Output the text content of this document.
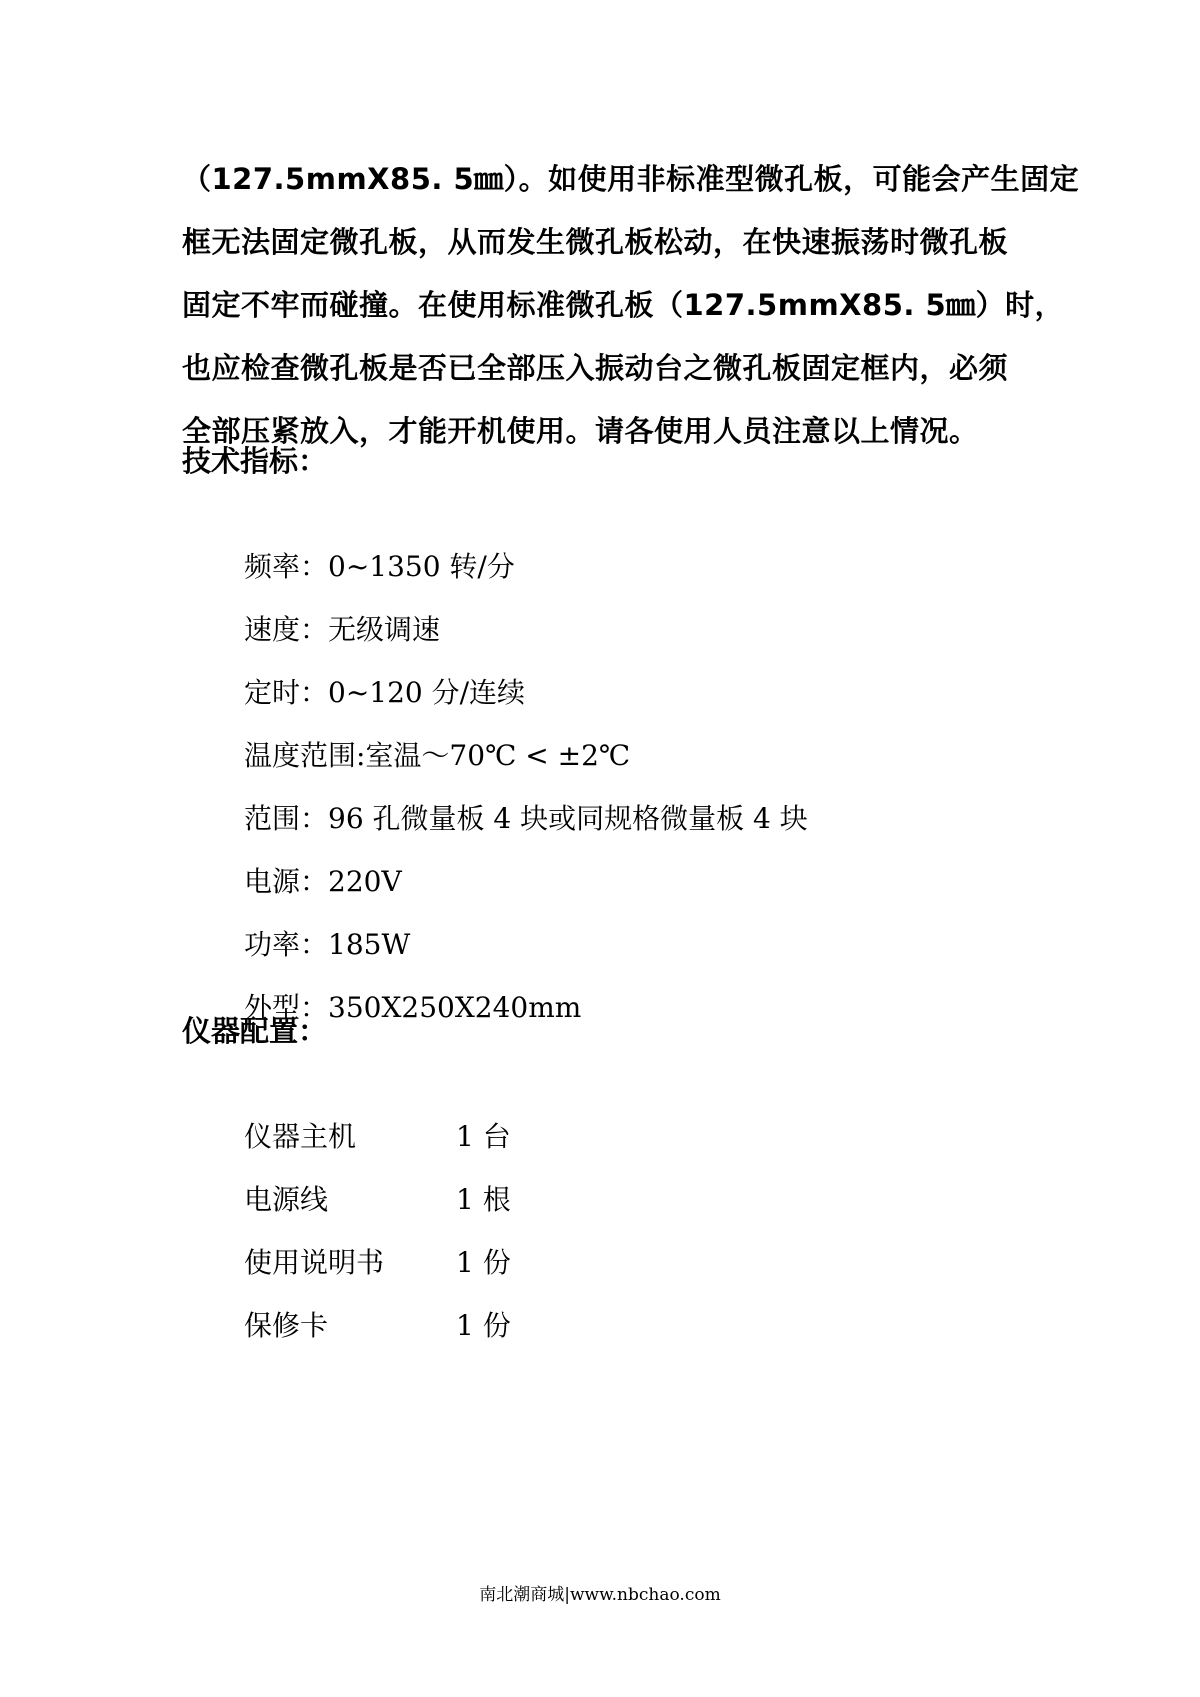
（127.5mmX85. 5㎜）。如使用非标准型微孔板，可能会产生固定
框无法固定微孔板，从而发生微孔板松动，在快速振荡时微孔板
固定不牢而碰撞。在使用标准微孔板（127.5mmX85. 5㎜）时，
也应检查微孔板是否已全部压入振动台之微孔板固定框内，必须
全部压紧放入，才能开机使用。请各使用人员注意以上情况。
技术指标：
频率：0~1350 转/分
速度：无级调速
定时：0~120 分/连续
温度范围:室温～70℃ < ±2℃
范围：96 孔微量板 4 块或同规格微量板 4 块
电源：220V
功率：185W
外型：350X250X240mm
仪器配置：
仪器主机	1 台
电源线	1 根
使用说明书	1 份
保修卡	1 份
南北潮商城|www.nbchao.com
